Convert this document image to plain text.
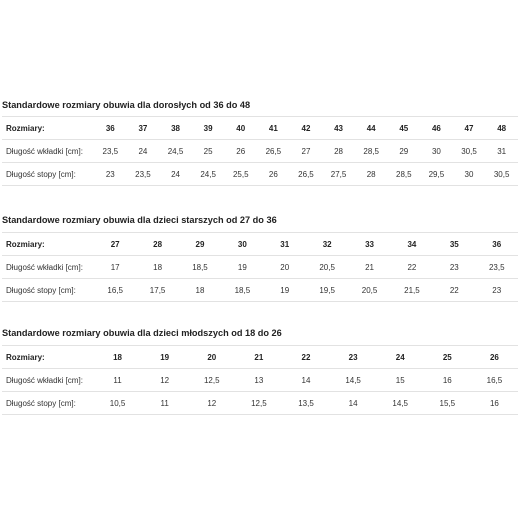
Standardowe rozmiary obuwia dla dorosłych od 36 do 48
Rozmiary:	36	37	38	39	40	41	42	43	44	45	46	47	48
Długość wkładki [cm]:	23,5	24	24,5	25	26	26,5	27	28	28,5	29	30	30,5	31
Długość stopy [cm]:	23	23,5	24	24,5	25,5	26	26,5	27,5	28	28,5	29,5	30	30,5
Standardowe rozmiary obuwia dla dzieci starszych od 27 do 36
Rozmiary:	27	28	29	30	31	32	33	34	35	36
Długość wkładki [cm]:	17	18	18,5	19	20	20,5	21	22	23	23,5
Długość stopy [cm]:	16,5	17,5	18	18,5	19	19,5	20,5	21,5	22	23
Standardowe rozmiary obuwia dla dzieci młodszych od 18 do 26
Rozmiary:	18	19	20	21	22	23	24	25	26
Długość wkładki [cm]:	11	12	12,5	13	14	14,5	15	16	16,5
Długość stopy [cm]:	10,5	11	12	12,5	13,5	14	14,5	15,5	16
